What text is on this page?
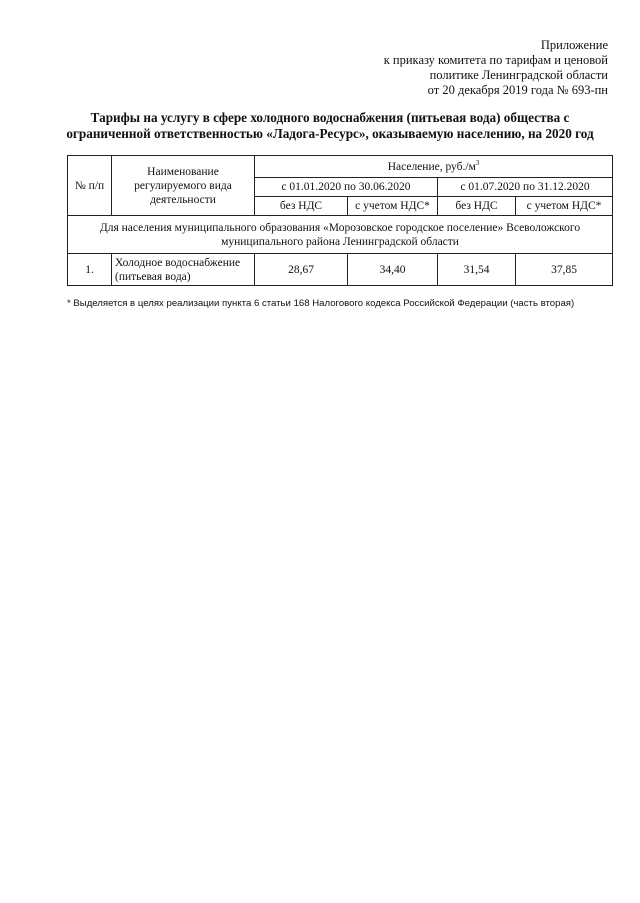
Приложение
к приказу комитета по тарифам и ценовой
политике Ленинградской области
от 20 декабря 2019 года № 693-пн
Тарифы на услугу в сфере холодного водоснабжения (питьевая вода) общества с
ограниченной ответственностью «Ладога-Ресурс», оказываемую населению, на 2020 год
№ п/п	Наименование регулируемого вида деятельности	Население, $руб./м^3$
		с 01.01.2020 по 30.06.2020		с 01.07.2020 по 31.12.2020	
		без НДС	с учетом НДС*	без НДС	с учетом НДС*
Для населения муниципального образования «Морозовское городское поселение» Всеволожского муниципального района Ленинградской области					
1.	Холодное водоснабжение (питьевая вода)	28,67	34,40	31,54	37,85
* Выделяется в целях реализации пункта 6 статьи 168 Налогового кодекса Российской Федерации (часть вторая)
